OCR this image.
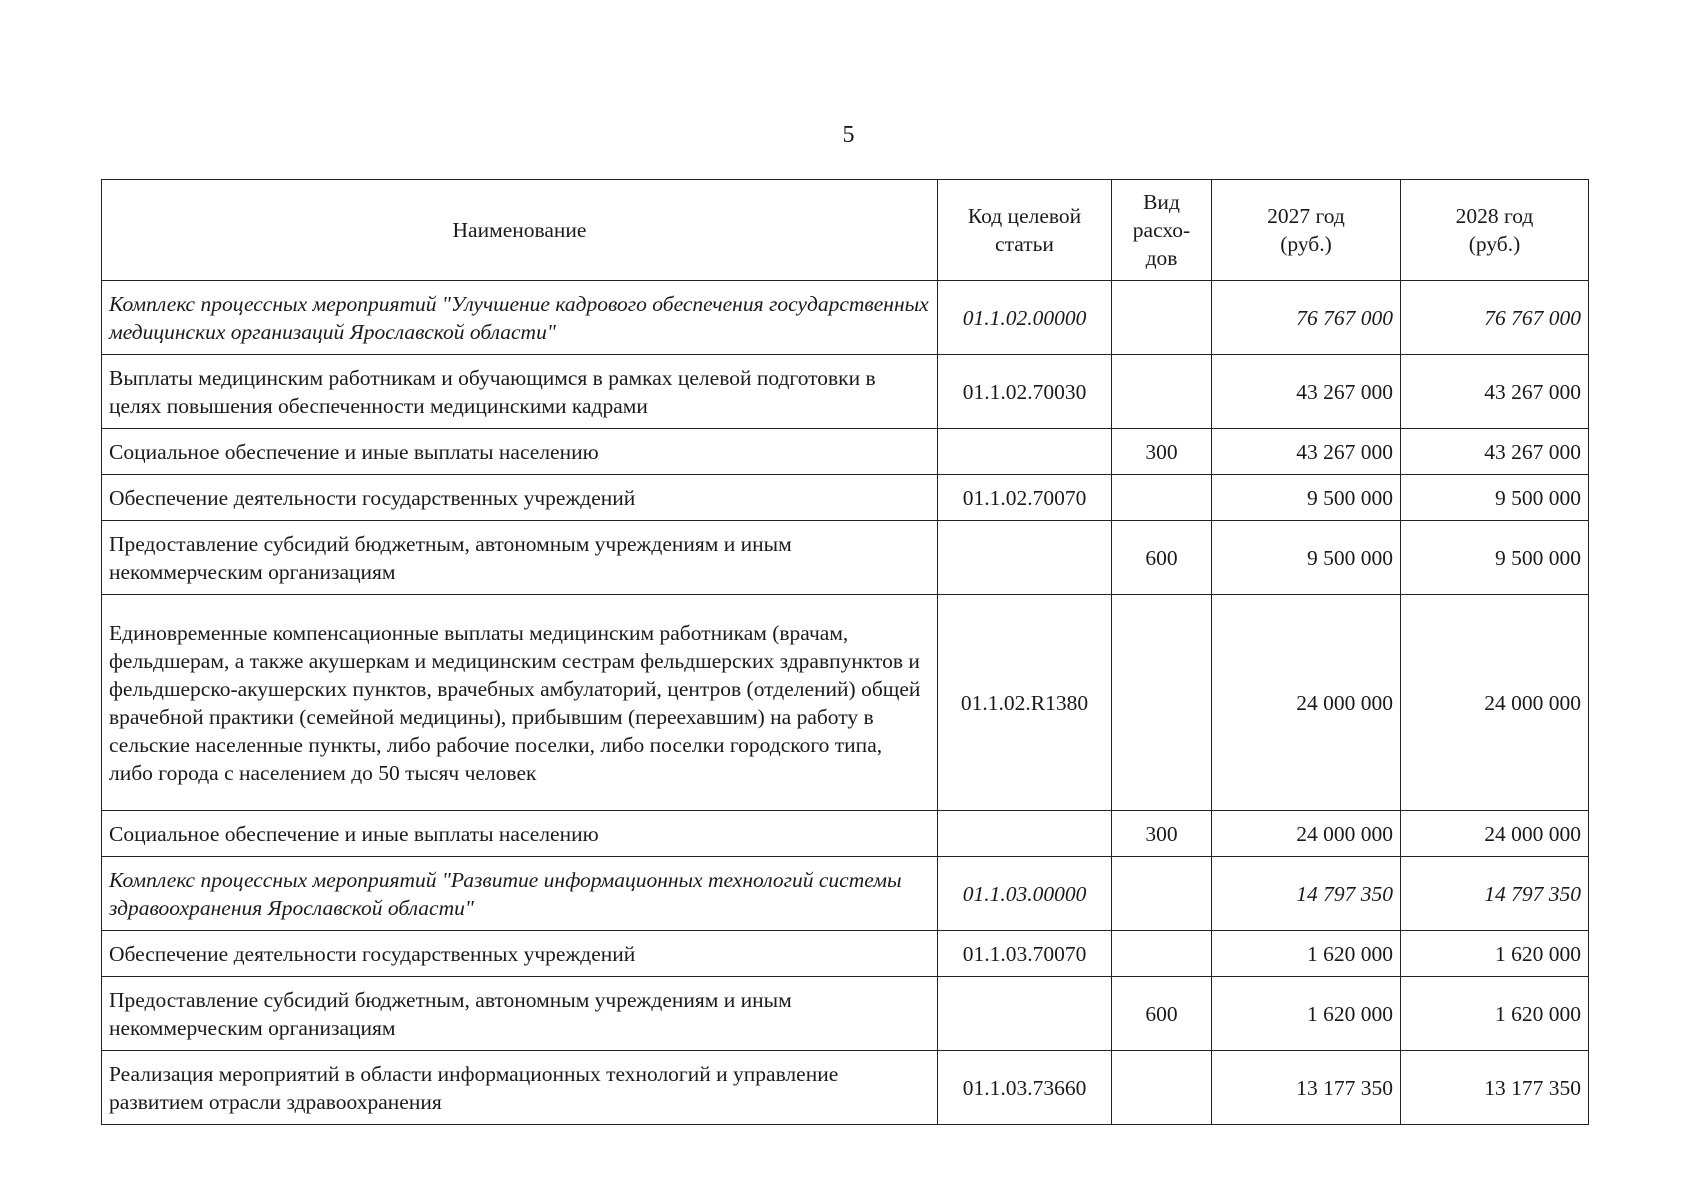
5
Наименование	Код целевой статьи	Вид расхо-дов	2027 год (руб.)	2028 год (руб.)
Комплекс процессных мероприятий "Улучшение кадрового обеспечения государственных медицинских организаций Ярославской области"	01.1.02.00000		76 767 000	76 767 000
Выплаты медицинским работникам и обучающимся в рамках целевой подготовки в целях повышения обеспеченности медицинскими кадрами	01.1.02.70030		43 267 000	43 267 000
Социальное обеспечение и иные выплаты населению		300	43 267 000	43 267 000
Обеспечение деятельности государственных учреждений	01.1.02.70070		9 500 000	9 500 000
Предоставление субсидий бюджетным, автономным учреждениям и иным некоммерческим организациям		600	9 500 000	9 500 000
Единовременные компенсационные выплаты медицинским работникам (врачам, фельдшерам, а также акушеркам и медицинским сестрам фельдшерских здравпунктов и фельдшерско-акушерских пунктов, врачебных амбулаторий, центров (отделений) общей врачебной практики (семейной медицины), прибывшим (переехавшим) на работу в сельские населенные пункты, либо рабочие поселки, либо поселки городского типа, либо города с населением до 50 тысяч человек	01.1.02.R1380		24 000 000	24 000 000
Социальное обеспечение и иные выплаты населению		300	24 000 000	24 000 000
Комплекс процессных мероприятий "Развитие информационных технологий системы здравоохранения Ярославской области"	01.1.03.00000		14 797 350	14 797 350
Обеспечение деятельности государственных учреждений	01.1.03.70070		1 620 000	1 620 000
Предоставление субсидий бюджетным, автономным учреждениям и иным некоммерческим организациям		600	1 620 000	1 620 000
Реализация мероприятий в области информационных технологий и управление развитием отрасли здравоохранения	01.1.03.73660		13 177 350	13 177 350
